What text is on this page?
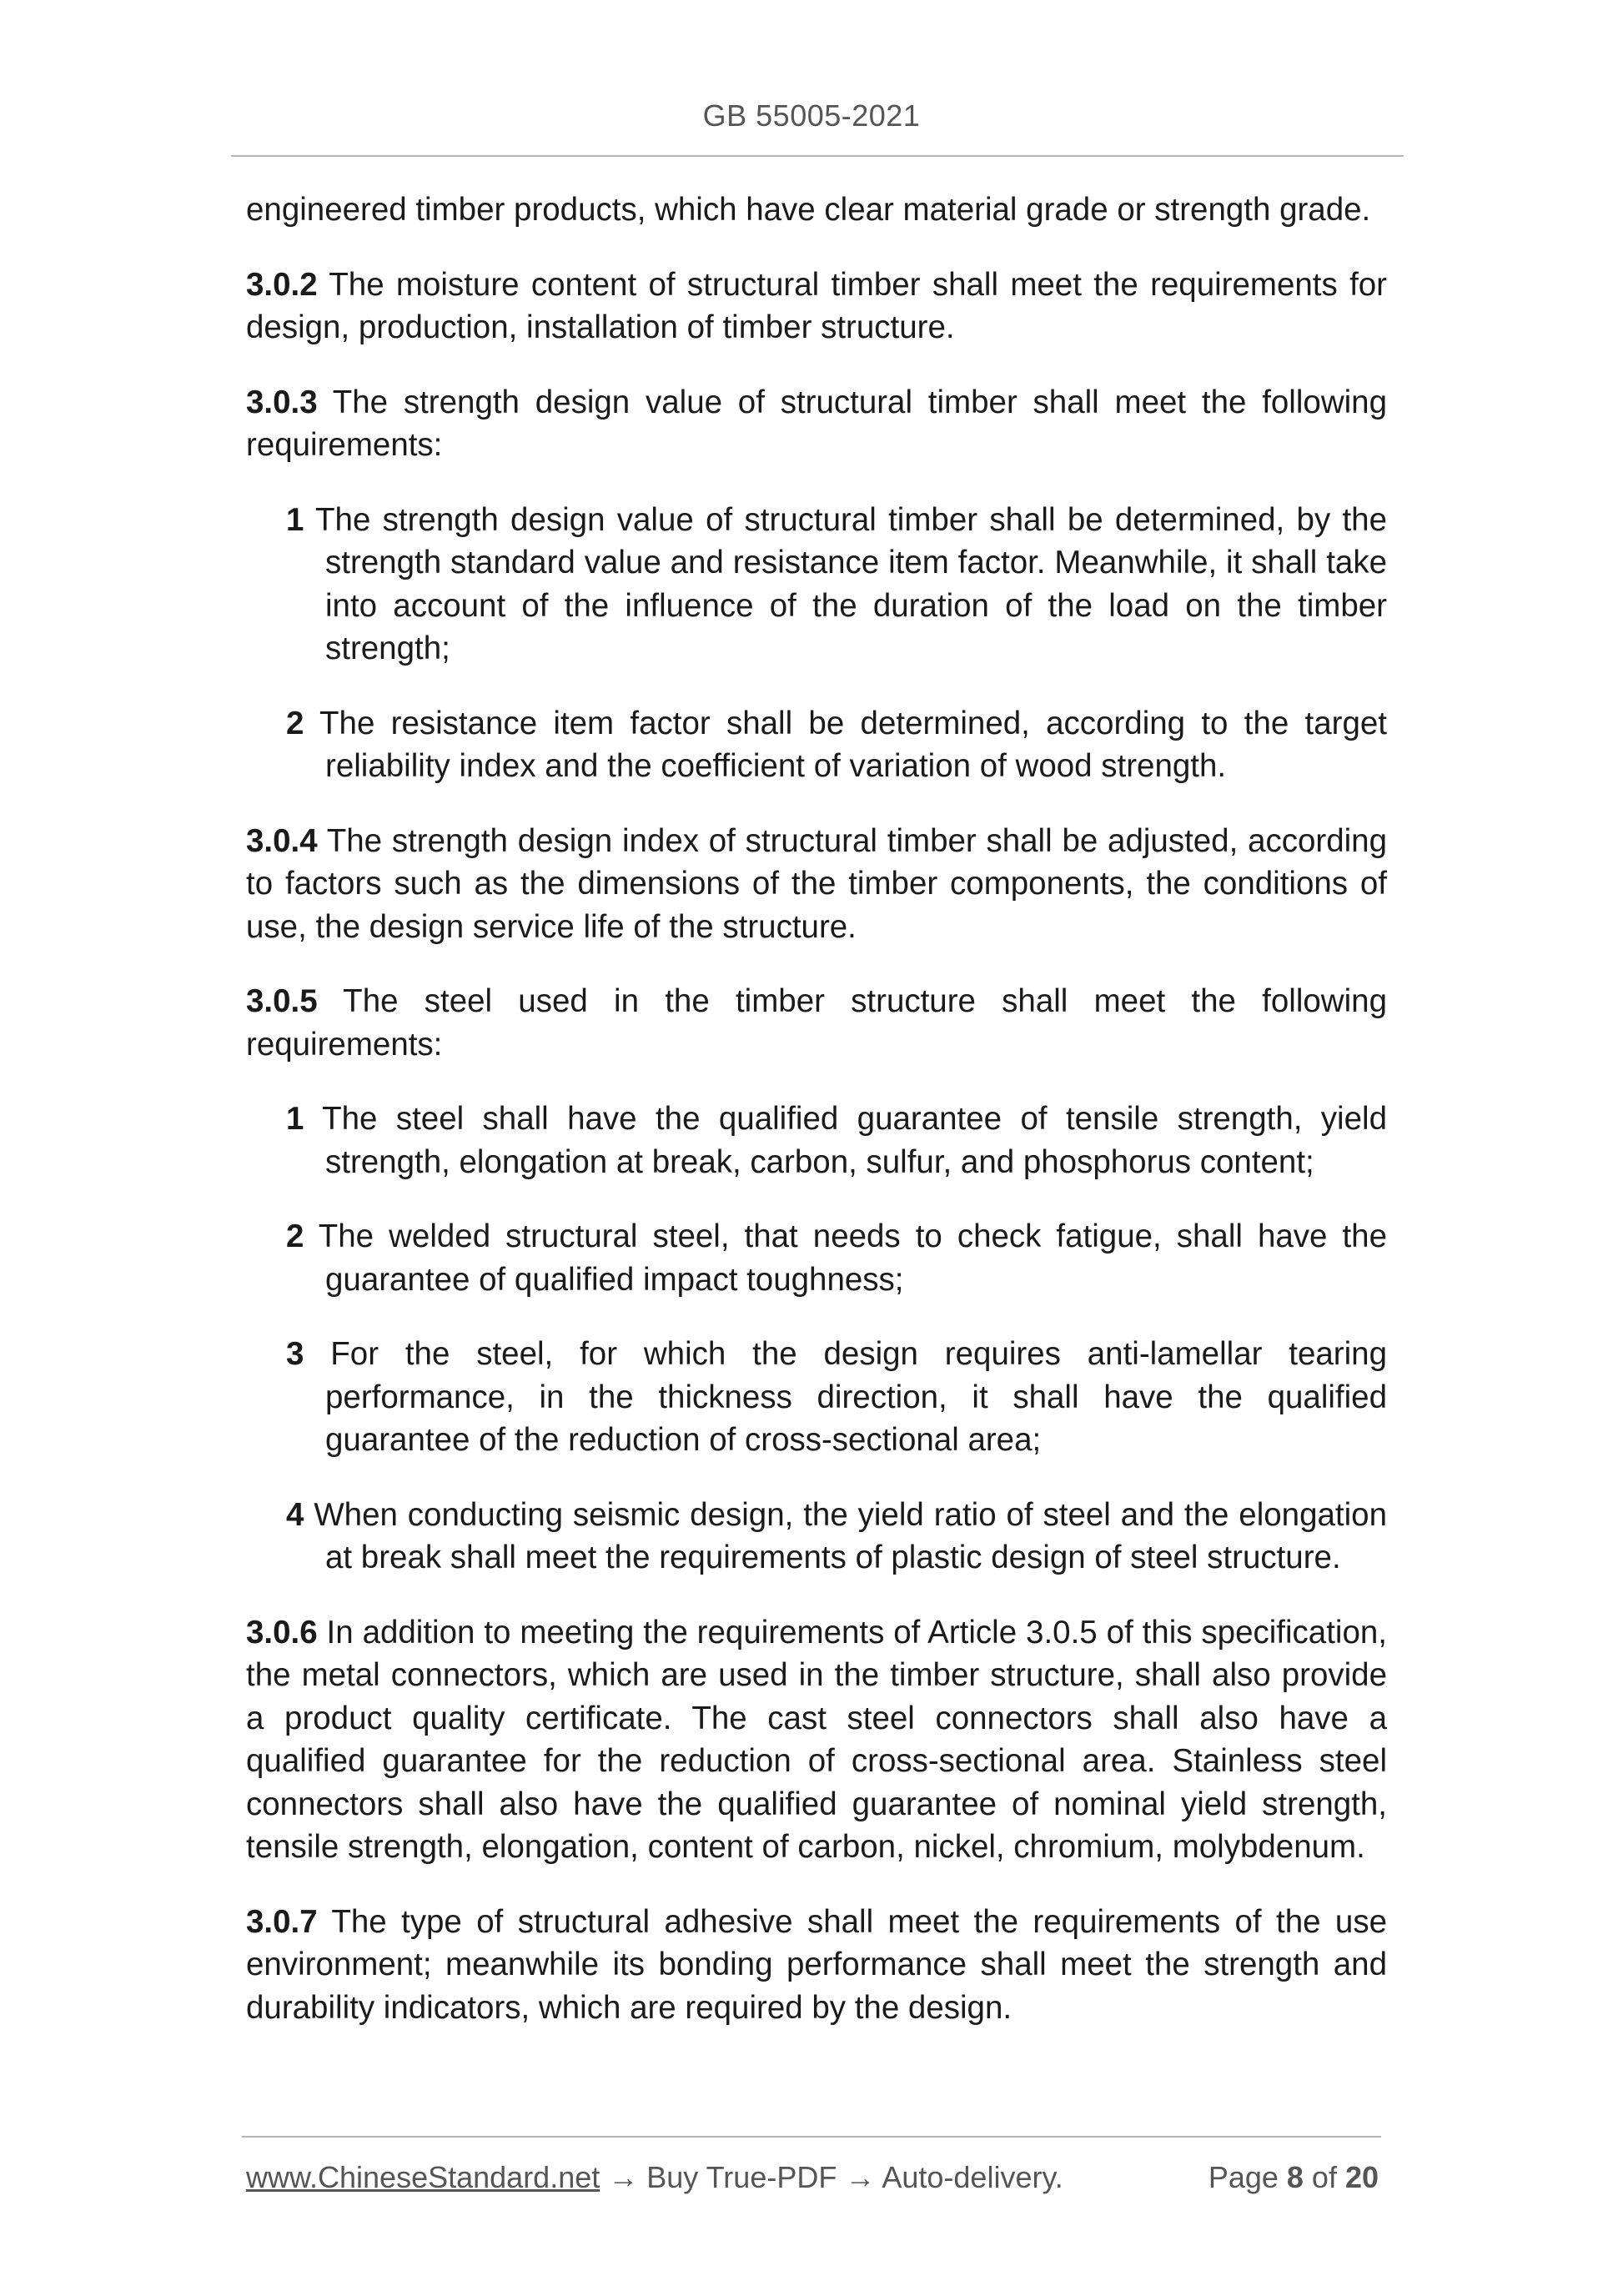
GB 55005-2021

engineered timber products, which have clear material grade or strength grade.

3.0.2 The moisture content of structural timber shall meet the requirements for design, production, installation of timber structure.

3.0.3 The strength design value of structural timber shall meet the following requirements:

1 The strength design value of structural timber shall be determined, by the strength standard value and resistance item factor. Meanwhile, it shall take into account of the influence of the duration of the load on the timber strength;

2 The resistance item factor shall be determined, according to the target reliability index and the coefficient of variation of wood strength.

3.0.4 The strength design index of structural timber shall be adjusted, according to factors such as the dimensions of the timber components, the conditions of use, the design service life of the structure.

3.0.5 The steel used in the timber structure shall meet the following requirements:

1 The steel shall have the qualified guarantee of tensile strength, yield strength, elongation at break, carbon, sulfur, and phosphorus content;

2 The welded structural steel, that needs to check fatigue, shall have the guarantee of qualified impact toughness;

3 For the steel, for which the design requires anti-lamellar tearing performance, in the thickness direction, it shall have the qualified guarantee of the reduction of cross-sectional area;

4 When conducting seismic design, the yield ratio of steel and the elongation at break shall meet the requirements of plastic design of steel structure.

3.0.6 In addition to meeting the requirements of Article 3.0.5 of this specification, the metal connectors, which are used in the timber structure, shall also provide a product quality certificate. The cast steel connectors shall also have a qualified guarantee for the reduction of cross-sectional area. Stainless steel connectors shall also have the qualified guarantee of nominal yield strength, tensile strength, elongation, content of carbon, nickel, chromium, molybdenum.

3.0.7 The type of structural adhesive shall meet the requirements of the use environment; meanwhile its bonding performance shall meet the strength and durability indicators, which are required by the design.

www.ChineseStandard.net → Buy True-PDF → Auto-delivery.	Page 8 of 20
